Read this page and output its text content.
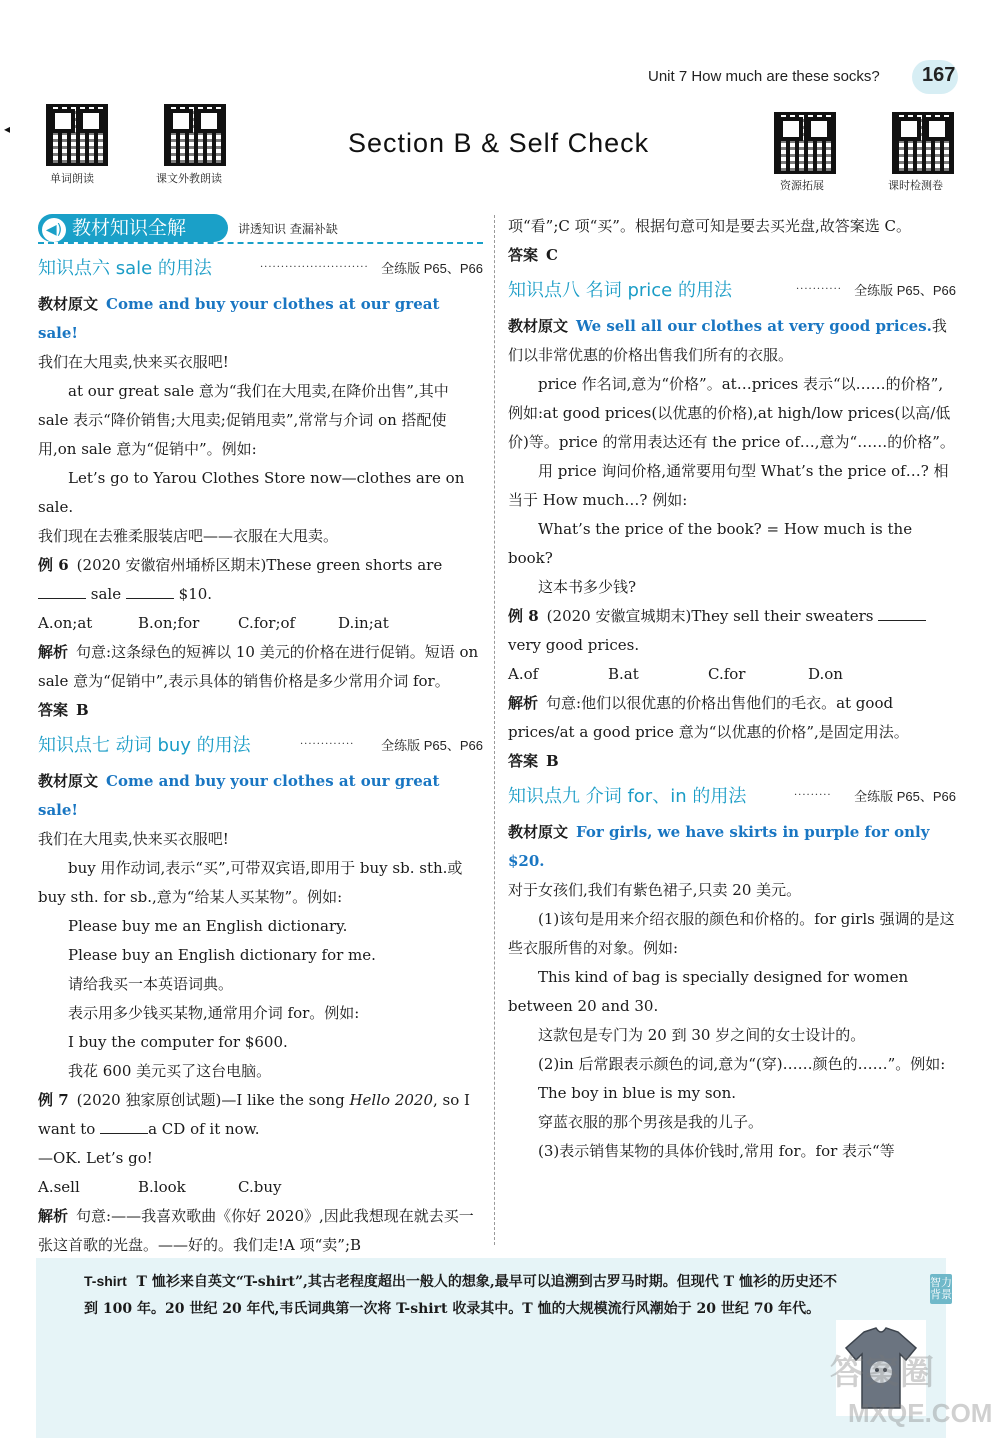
Unit 7 How much are these socks? 167
◂
单词朗读	课文外教朗读
资源拓展	课时检测卷
Section B & Self Check
◀) 教材知识全解	讲透知识 查漏补缺
知识点六 sale 的用法	·························· 全练版 P65、P66

教材原文 Come and buy your clothes at our great sale!

我们在大甩卖,快来买衣服吧!

at our great sale 意为“我们在大甩卖,在降价出售”,其中 sale 表示“降价销售;大甩卖;促销甩卖”,常常与介词 on 搭配使用,on sale 意为“促销中”。例如:

Let’s go to Yarou Clothes Store now—clothes are on sale.

我们现在去雅柔服装店吧——衣服在大甩卖。

例 6 (2020 安徽宿州埇桥区期末)These green shorts are
sale	$10.

A.on;at	B.on;for	C.for;of	D.in;at

解析 句意:这条绿色的短裤以 10 美元的价格在进行促销。短语 on sale 意为“促销中”,表示具体的销售价格是多少常用介词 for。

答案 B

知识点七 动词 buy 的用法	············· 全练版 P65、P66

教材原文 Come and buy your clothes at our great sale!

我们在大甩卖,快来买衣服吧!

buy 用作动词,表示“买”,可带双宾语,即用于 buy sb. sth.或 buy sth. for sb.,意为“给某人买某物”。例如:

Please buy me an English dictionary.

Please buy an English dictionary for me.

请给我买一本英语词典。

表示用多少钱买某物,通常用介词 for。例如:

I buy the computer for $600.

我花 600 美元买了这台电脑。

例 7 (2020 独家原创试题)—I like the song Hello 2020, so I want to	a CD of it now.

—OK. Let’s go!

A.sell	B.look	C.buy

解析 句意:——我喜欢歌曲《你好 2020》,因此我想现在就去买一张这首歌的光盘。——好的。我们走!A 项“卖”;B

项“看”;C 项“买”。根据句意可知是要去买光盘,故答案选 C。

答案 C

知识点八 名词 price 的用法	··········· 全练版 P65、P66

教材原文 We sell all our clothes at very good prices.我们以非常优惠的价格出售我们所有的衣服。

price 作名词,意为“价格”。at…prices 表示“以……的价格”,例如:at good prices(以优惠的价格),at high/low prices(以高/低价)等。price 的常用表达还有 the price of…,意为“……的价格”。

用 price 询问价格,通常要用句型 What’s the price of…? 相当于 How much…? 例如:

What’s the price of the book? = How much is the book?

这本书多少钱?

例 8 (2020 安徽宣城期末)They sell their sweaters
very good prices.

A.of	B.at	C.for	D.on

解析 句意:他们以很优惠的价格出售他们的毛衣。at good prices/at a good price 意为“以优惠的价格”,是固定用法。

答案 B

知识点九 介词 for、in 的用法	········· 全练版 P65、P66

教材原文 For girls, we have skirts in purple for only $20.

对于女孩们,我们有紫色裙子,只卖 20 美元。

(1)该句是用来介绍衣服的颜色和价格的。for girls 强调的是这些衣服所售的对象。例如:

This kind of bag is specially designed for women between 20 and 30.

这款包是专门为 20 到 30 岁之间的女士设计的。

(2)in 后常跟表示颜色的词,意为“(穿)……颜色的……”。例如:

The boy in blue is my son.

穿蓝衣服的那个男孩是我的儿子。

(3)表示销售某物的具体价钱时,常用 for。for 表示“等

T-shirt T 恤衫来自英文“T-shirt”,其古老程度超出一般人的想象,最早可以追溯到古罗马时期。但现代 T 恤衫的历史还不到 100 年。20 世纪 20 年代,韦氏词典第一次将 T-shirt 收录其中。T 恤的大规模流行风潮始于 20 世纪 70 年代。
智力背景
答案圈
MXQE.COM
